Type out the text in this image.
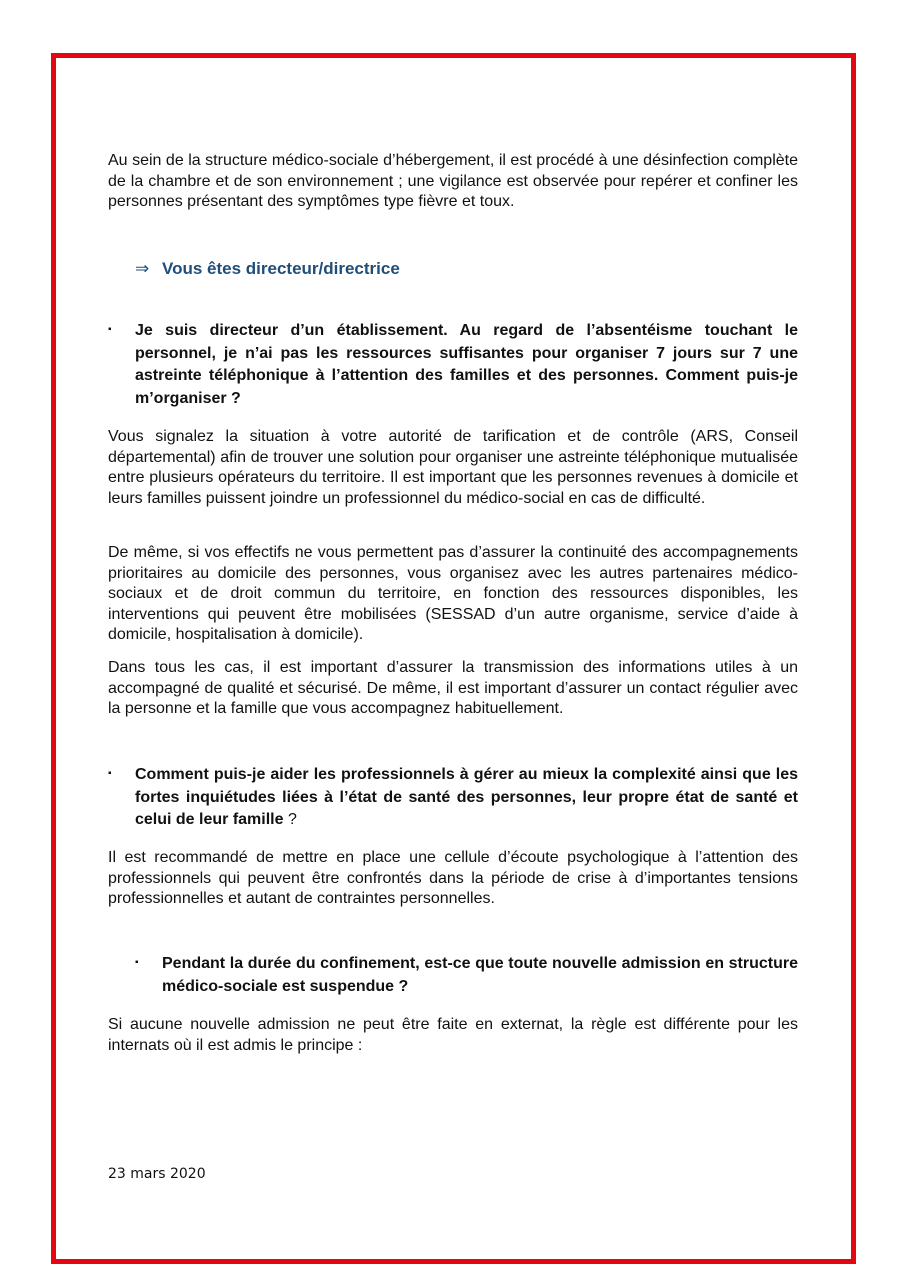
Au sein de la structure médico-sociale d’hébergement, il est procédé à une désinfection complète de la chambre et de son environnement ; une vigilance est observée pour repérer et confiner les personnes présentant des symptômes type fièvre et toux.

⇒ Vous êtes directeur/directrice
▪ Je suis directeur d’un établissement. Au regard de l’absentéisme touchant le personnel, je n’ai pas les ressources suffisantes pour organiser 7 jours sur 7 une astreinte téléphonique à l’attention des familles et des personnes. Comment puis-je m’organiser ?

Vous signalez la situation à votre autorité de tarification et de contrôle (ARS, Conseil départemental) afin de trouver une solution pour organiser une astreinte téléphonique mutualisée entre plusieurs opérateurs du territoire. Il est important que les personnes revenues à domicile et leurs familles puissent joindre un professionnel du médico-social en cas de difficulté.

De même, si vos effectifs ne vous permettent pas d’assurer la continuité des accompagnements prioritaires au domicile des personnes, vous organisez avec les autres partenaires médico-sociaux et de droit commun du territoire, en fonction des ressources disponibles, les interventions qui peuvent être mobilisées (SESSAD d’un autre organisme, service d’aide à domicile, hospitalisation à domicile).

Dans tous les cas, il est important d’assurer la transmission des informations utiles à un accompagné de qualité et sécurisé. De même, il est important d’assurer un contact régulier avec la personne et la famille que vous accompagnez habituellement.

▪ Comment puis-je aider les professionnels à gérer au mieux la complexité ainsi que les fortes inquiétudes liées à l’état de santé des personnes, leur propre état de santé et celui de leur famille ?

Il est recommandé de mettre en place une cellule d’écoute psychologique à l’attention des professionnels qui peuvent être confrontés dans la période de crise à d’importantes tensions professionnelles et autant de contraintes personnelles.

▪ Pendant la durée du confinement, est-ce que toute nouvelle admission en structure médico-sociale est suspendue ?

Si aucune nouvelle admission ne peut être faite en externat, la règle est différente pour les internats où il est admis le principe :

23 mars 2020
